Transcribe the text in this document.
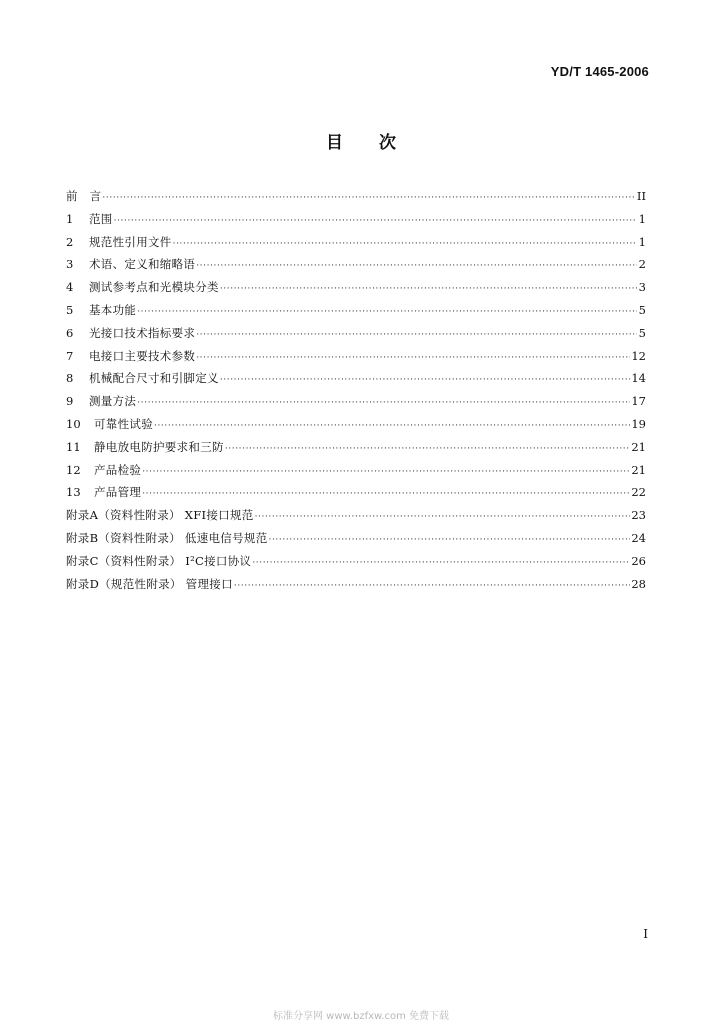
YD/T 1465-2006
目 次
前　言 ·····	II
1	范围 ·····	1
2	规范性引用文件 ·····	1
3	术语、定义和缩略语 ·····	2
4	测试参考点和光模块分类 ·····	3
5	基本功能 ·····	5
6	光接口技术指标要求 ·····	5
7	电接口主要技术参数 ·····	12
8	机械配合尺寸和引脚定义 ·····	14
9	测量方法 ·····	17
10	可靠性试验 ·····	19
11	静电放电防护要求和三防 ·····	21
12	产品检验 ·····	21
13	产品管理 ·····	22
附录A（资料性附录） XFI接口规范 ·····	23
附录B（资料性附录） 低速电信号规范 ·····	24
附录C（资料性附录） I²C接口协议 ·····	26
附录D（规范性附录） 管理接口 ·····	28
I
标准分享网 www.bzfxw.com 免费下载
